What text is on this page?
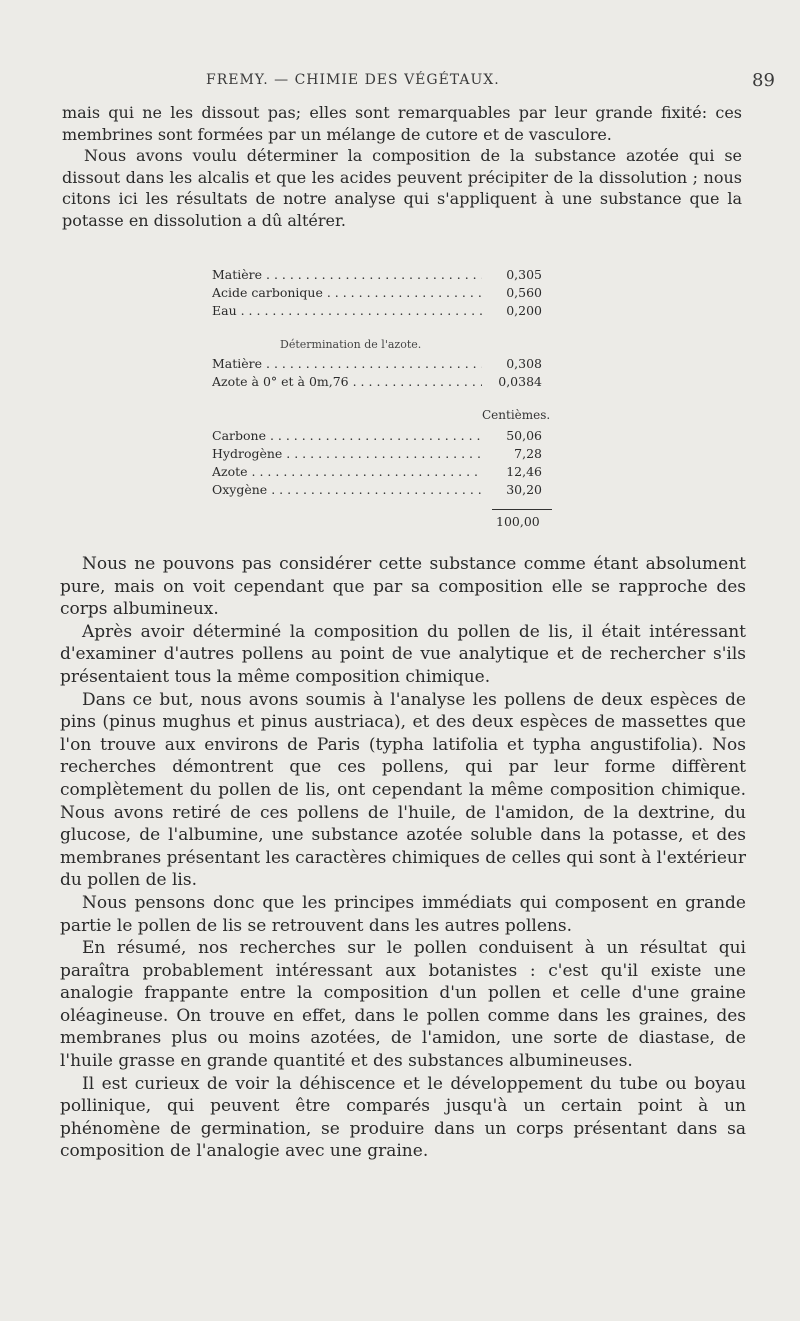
FREMY. — CHIMIE DES VÉGÉTAUX.	89

mais qui ne les dissout pas; elles sont remarquables par leur grande fixité: ces membrines sont formées par un mélange de cutore et de vasculore.

Nous avons voulu déterminer la composition de la substance azotée qui se dissout dans les alcalis et que les acides peuvent précipiter de la dissolution ; nous citons ici les résultats de notre analyse qui s'appliquent à une substance que la potasse en dissolution a dû altérer.

Matière . . .	0,305
Acide carbonique . . .	0,560
Eau . . .	0,200
Détermination de l'azote.
Matière . . .	0,308
Azote à 0° et à 0m,76 . . .	0,0384
Centièmes.
Carbone . . .	50,06
Hydrogène . . .	7,28
Azote . . .	12,46
Oxygène . . .	30,20
100,00

Nous ne pouvons pas considérer cette substance comme étant absolument pure, mais on voit cependant que par sa composition elle se rapproche des corps albumineux.

Après avoir déterminé la composition du pollen de lis, il était intéressant d'examiner d'autres pollens au point de vue analytique et de rechercher s'ils présentaient tous la même composition chimique.

Dans ce but, nous avons soumis à l'analyse les pollens de deux espèces de pins (pinus mughus et pinus austriaca), et des deux espèces de massettes que l'on trouve aux environs de Paris (typha latifolia et typha angustifolia). Nos recherches démontrent que ces pollens, qui par leur forme diffèrent complètement du pollen de lis, ont cependant la même composition chimique. Nous avons retiré de ces pollens de l'huile, de l'amidon, de la dextrine, du glucose, de l'albumine, une substance azotée soluble dans la potasse, et des membranes présentant les caractères chimiques de celles qui sont à l'extérieur du pollen de lis.

Nous pensons donc que les principes immédiats qui composent en grande partie le pollen de lis se retrouvent dans les autres pollens.

En résumé, nos recherches sur le pollen conduisent à un résultat qui paraîtra probablement intéressant aux botanistes : c'est qu'il existe une analogie frappante entre la composition d'un pollen et celle d'une graine oléagineuse. On trouve en effet, dans le pollen comme dans les graines, des membranes plus ou moins azotées, de l'amidon, une sorte de diastase, de l'huile grasse en grande quantité et des substances albumineuses.

Il est curieux de voir la déhiscence et le développement du tube ou boyau pollinique, qui peuvent être comparés jusqu'à un certain point à un phénomène de germination, se produire dans un corps présentant dans sa composition de l'analogie avec une graine.
